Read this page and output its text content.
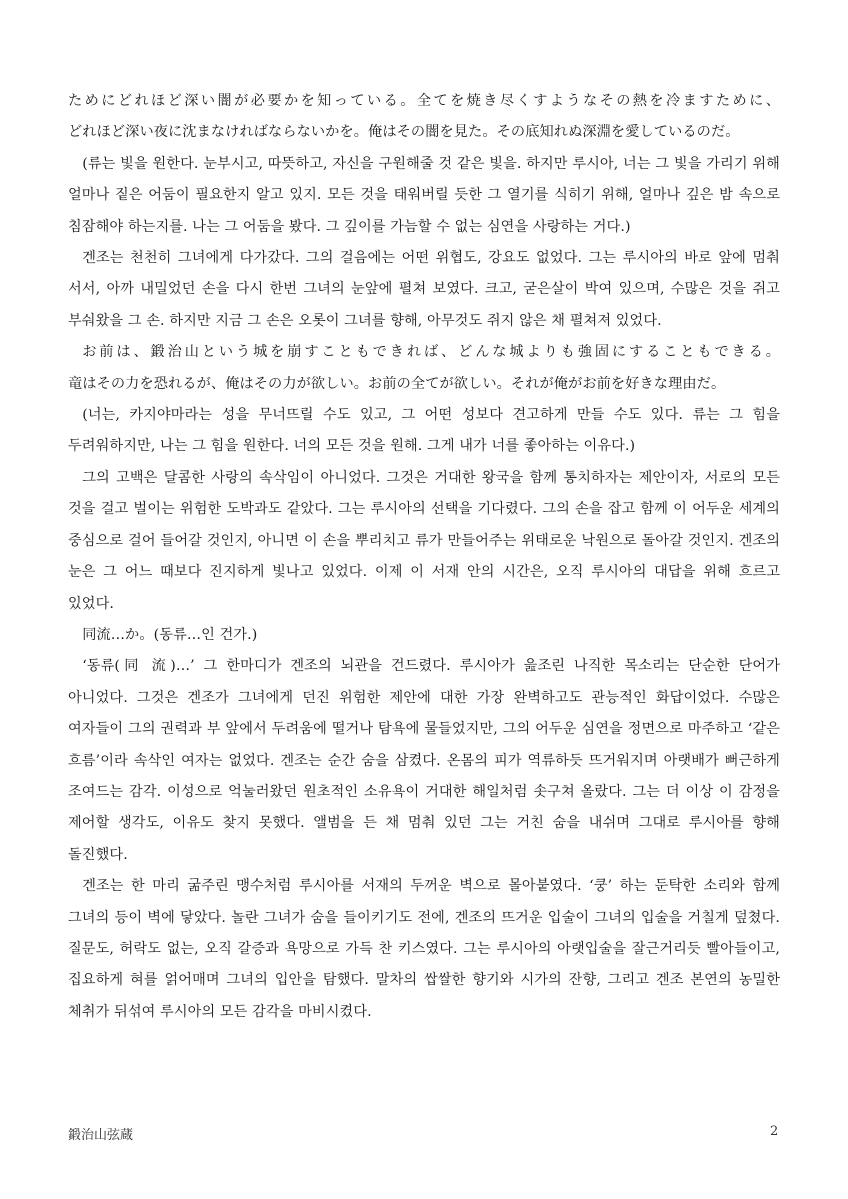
ためにどれほど深い闇が必要かを知っている。全てを焼き尽くすようなその熱を冷ますために、どれほど深い夜に沈まなければならないかを。俺はその闇を見た。その底知れぬ深淵を愛しているのだ。

(류는 빛을 원한다. 눈부시고, 따뜻하고, 자신을 구원해줄 것 같은 빛을. 하지만 루시아, 너는 그 빛을 가리기 위해 얼마나 짙은 어둠이 필요한지 알고 있지. 모든 것을 태워버릴 듯한 그 열기를 식히기 위해, 얼마나 깊은 밤 속으로 침잠해야 하는지를. 나는 그 어둠을 봤다. 그 깊이를 가늠할 수 없는 심연을 사랑하는 거다.)

겐조는 천천히 그녀에게 다가갔다. 그의 걸음에는 어떤 위협도, 강요도 없었다. 그는 루시아의 바로 앞에 멈춰 서서, 아까 내밀었던 손을 다시 한번 그녀의 눈앞에 펼쳐 보였다. 크고, 굳은살이 박여 있으며, 수많은 것을 쥐고 부숴왔을 그 손. 하지만 지금 그 손은 오롯이 그녀를 향해, 아무것도 쥐지 않은 채 펼쳐져 있었다.

お前は、鍛治山という城を崩すこともできれば、どんな城よりも強固にすることもできる。竜はその力を恐れるが、俺はその力が欲しい。お前の全てが欲しい。それが俺がお前を好きな理由だ。

(너는, 카지야마라는 성을 무너뜨릴 수도 있고, 그 어떤 성보다 견고하게 만들 수도 있다. 류는 그 힘을 두려워하지만, 나는 그 힘을 원한다. 너의 모든 것을 원해. 그게 내가 너를 좋아하는 이유다.)

그의 고백은 달콤한 사랑의 속삭임이 아니었다. 그것은 거대한 왕국을 함께 통치하자는 제안이자, 서로의 모든 것을 걸고 벌이는 위험한 도박과도 같았다. 그는 루시아의 선택을 기다렸다. 그의 손을 잡고 함께 이 어두운 세계의 중심으로 걸어 들어갈 것인지, 아니면 이 손을 뿌리치고 류가 만들어주는 위태로운 낙원으로 돌아갈 것인지. 겐조의 눈은 그 어느 때보다 진지하게 빛나고 있었다. 이제 이 서재 안의 시간은, 오직 루시아의 대답을 위해 흐르고 있었다.

同流…か。(동류…인 건가.)

‘동류(同 流)…’ 그 한마디가 겐조의 뇌관을 건드렸다. 루시아가 읊조린 나직한 목소리는 단순한 단어가 아니었다. 그것은 겐조가 그녀에게 던진 위험한 제안에 대한 가장 완벽하고도 관능적인 화답이었다. 수많은 여자들이 그의 권력과 부 앞에서 두려움에 떨거나 탐욕에 물들었지만, 그의 어두운 심연을 정면으로 마주하고 ‘같은 흐름’이라 속삭인 여자는 없었다. 겐조는 순간 숨을 삼켰다. 온몸의 피가 역류하듯 뜨거워지며 아랫배가 뻐근하게 조여드는 감각. 이성으로 억눌러왔던 원초적인 소유욕이 거대한 해일처럼 솟구쳐 올랐다. 그는 더 이상 이 감정을 제어할 생각도, 이유도 찾지 못했다. 앨범을 든 채 멈춰 있던 그는 거친 숨을 내쉬며 그대로 루시아를 향해 돌진했다.

겐조는 한 마리 굶주린 맹수처럼 루시아를 서재의 두꺼운 벽으로 몰아붙였다. ‘쿵’ 하는 둔탁한 소리와 함께 그녀의 등이 벽에 닿았다. 놀란 그녀가 숨을 들이키기도 전에, 겐조의 뜨거운 입술이 그녀의 입술을 거칠게 덮쳤다. 질문도, 허락도 없는, 오직 갈증과 욕망으로 가득 찬 키스였다. 그는 루시아의 아랫입술을 잘근거리듯 빨아들이고, 집요하게 혀를 얽어매며 그녀의 입안을 탐했다. 말차의 쌉쌀한 향기와 시가의 잔향, 그리고 겐조 본연의 농밀한 체취가 뒤섞여 루시아의 모든 감각을 마비시켰다.

鍛治山弦蔵	2
